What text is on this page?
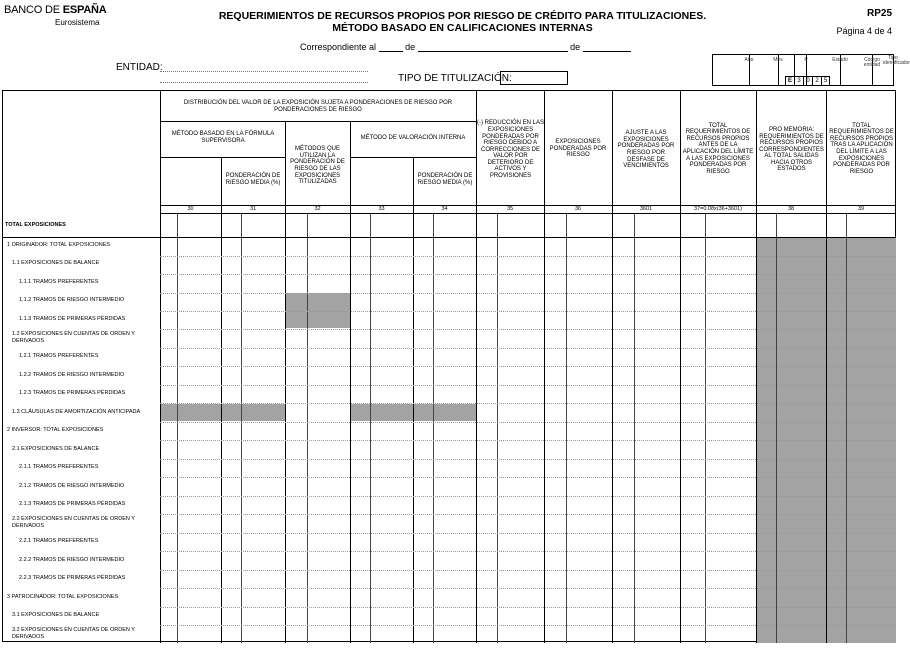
BANCO DE ESPAÑA
Eurosistema
REQUERIMIENTOS DE RECURSOS PROPIOS POR RIESGO DE CRÉDITO PARA TITULIZACIONES.
MÉTODO BASADO EN CALIFICACIONES INTERNAS
RP25
Página 4 de 4
Correspondiente al	de	de
ENTIDAD:
TIPO DE TITULIZACIÓN:
Año	Mes	P	Estado	Código entidad
Tipo identificador
E 3 0 2 5
DISTRIBUCIÓN DEL VALOR DE LA EXPOSICIÓN SUJETA A PONDERACIONES DE RIESGO POR PONDERACIONES DE RIESGO
MÉTODO BASADO EN LA FÓRMULA SUPERVISORA
PONDERACIÓN DE RIESGO MEDIA (%)
MÉTODOS QUE UTILIZAN LA PONDERACIÓN DE RIESGO DE LAS EXPOSICIONES TITULIZADAS
MÉTODO DE VALORACIÓN INTERNA
PONDERACIÓN DE RIESGO MEDIA (%)
(-) REDUCCIÓN EN LAS EXPOSICIONES PONDERADAS POR RIESGO DEBIDO A CORRECCIONES DE VALOR POR DETERIORO DE ACTIVOS Y PROVISIONES
EXPOSICIONES PONDERADAS POR RIESGO
AJUSTE A LAS EXPOSICIONES PONDERADAS POR RIESGO POR DESFASE DE VENCIMIENTOS
TOTAL REQUERIMIENTOS DE RECURSOS PROPIOS ANTES DE LA APLICACIÓN DEL LÍMITE A LAS EXPOSICIONES PONDERADAS POR RIESGO
PRO MEMORIA: REQUERIMIENTOS DE RECURSOS PROPIOS CORRESPONDIENTES AL TOTAL SALIDAS HACIA OTROS ESTADOS
TOTAL REQUERIMIENTOS DE RECURSOS PROPIOS TRAS LA APLICACIÓN DEL LÍMITE A LAS EXPOSICIONES PONDERADAS POR RIESGO
30	31	32	33	34	35	36	3601	37=0.08x(36+3601)	38	39
TOTAL EXPOSICIONES
1 ORIGINADOR: TOTAL EXPOSICIONES
1.1 EXPOSICIONES DE BALANCE
1.1.1 TRAMOS PREFERENTES
1.1.2 TRAMOS DE RIESGO INTERMEDIO
1.1.3 TRAMOS DE PRIMERAS PÉRDIDAS
1.2 EXPOSICIONES EN CUENTAS DE ORDEN Y DERIVADOS
1.2.1 TRAMOS PREFERENTES
1.2.2 TRAMOS DE RIESGO INTERMEDIO
1.2.3 TRAMOS DE PRIMERAS PÉRDIDAS
1.3 CLÁUSULAS DE AMORTIZACIÓN ANTICIPADA
2 INVERSOR: TOTAL EXPOSICIONES
2.1 EXPOSICIONES DE BALANCE
2.1.1 TRAMOS PREFERENTES
2.1.2 TRAMOS DE RIESGO INTERMEDIO
2.1.3 TRAMOS DE PRIMERAS PÉRDIDAS
2.2 EXPOSICIONES EN CUENTAS DE ORDEN Y DERIVADOS
2.2.1 TRAMOS PREFERENTES
2.2.2 TRAMOS DE RIESGO INTERMEDIO
2.2.3 TRAMOS DE PRIMERAS PÉRDIDAS
3 PATROCINADOR: TOTAL EXPOSICIONES
3.1 EXPOSICIONES DE BALANCE
3.2 EXPOSICIONES EN CUENTAS DE ORDEN Y DERIVADOS
